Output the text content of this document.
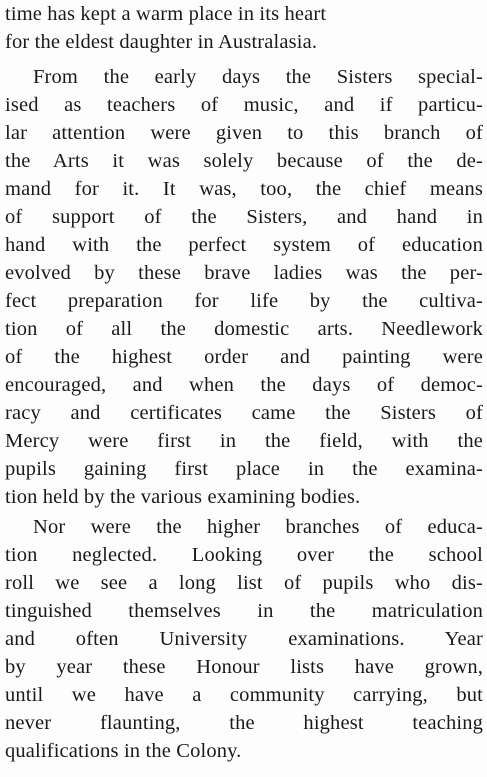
time has kept a warm place in its heart
for the eldest daughter in Australasia.
From the early days the Sisters special-
ised as teachers of music, and if particu-
lar attention were given to this branch of
the Arts it was solely because of the de-
mand for it. It was, too, the chief means
of support of the Sisters, and hand in
hand with the perfect system of education
evolved by these brave ladies was the per-
fect preparation for life by the cultiva-
tion of all the domestic arts. Needlework
of the highest order and painting were
encouraged, and when the days of democ-
racy and certificates came the Sisters of
Mercy were first in the field, with the
pupils gaining first place in the examina-
tion held by the various examining bodies.
Nor were the higher branches of educa-
tion neglected. Looking over the school
roll we see a long list of pupils who dis-
tinguished themselves in the matriculation
and often University examinations. Year
by year these Honour lists have grown,
until we have a community carrying, but
never flaunting, the highest teaching
qualifications in the Colony.
